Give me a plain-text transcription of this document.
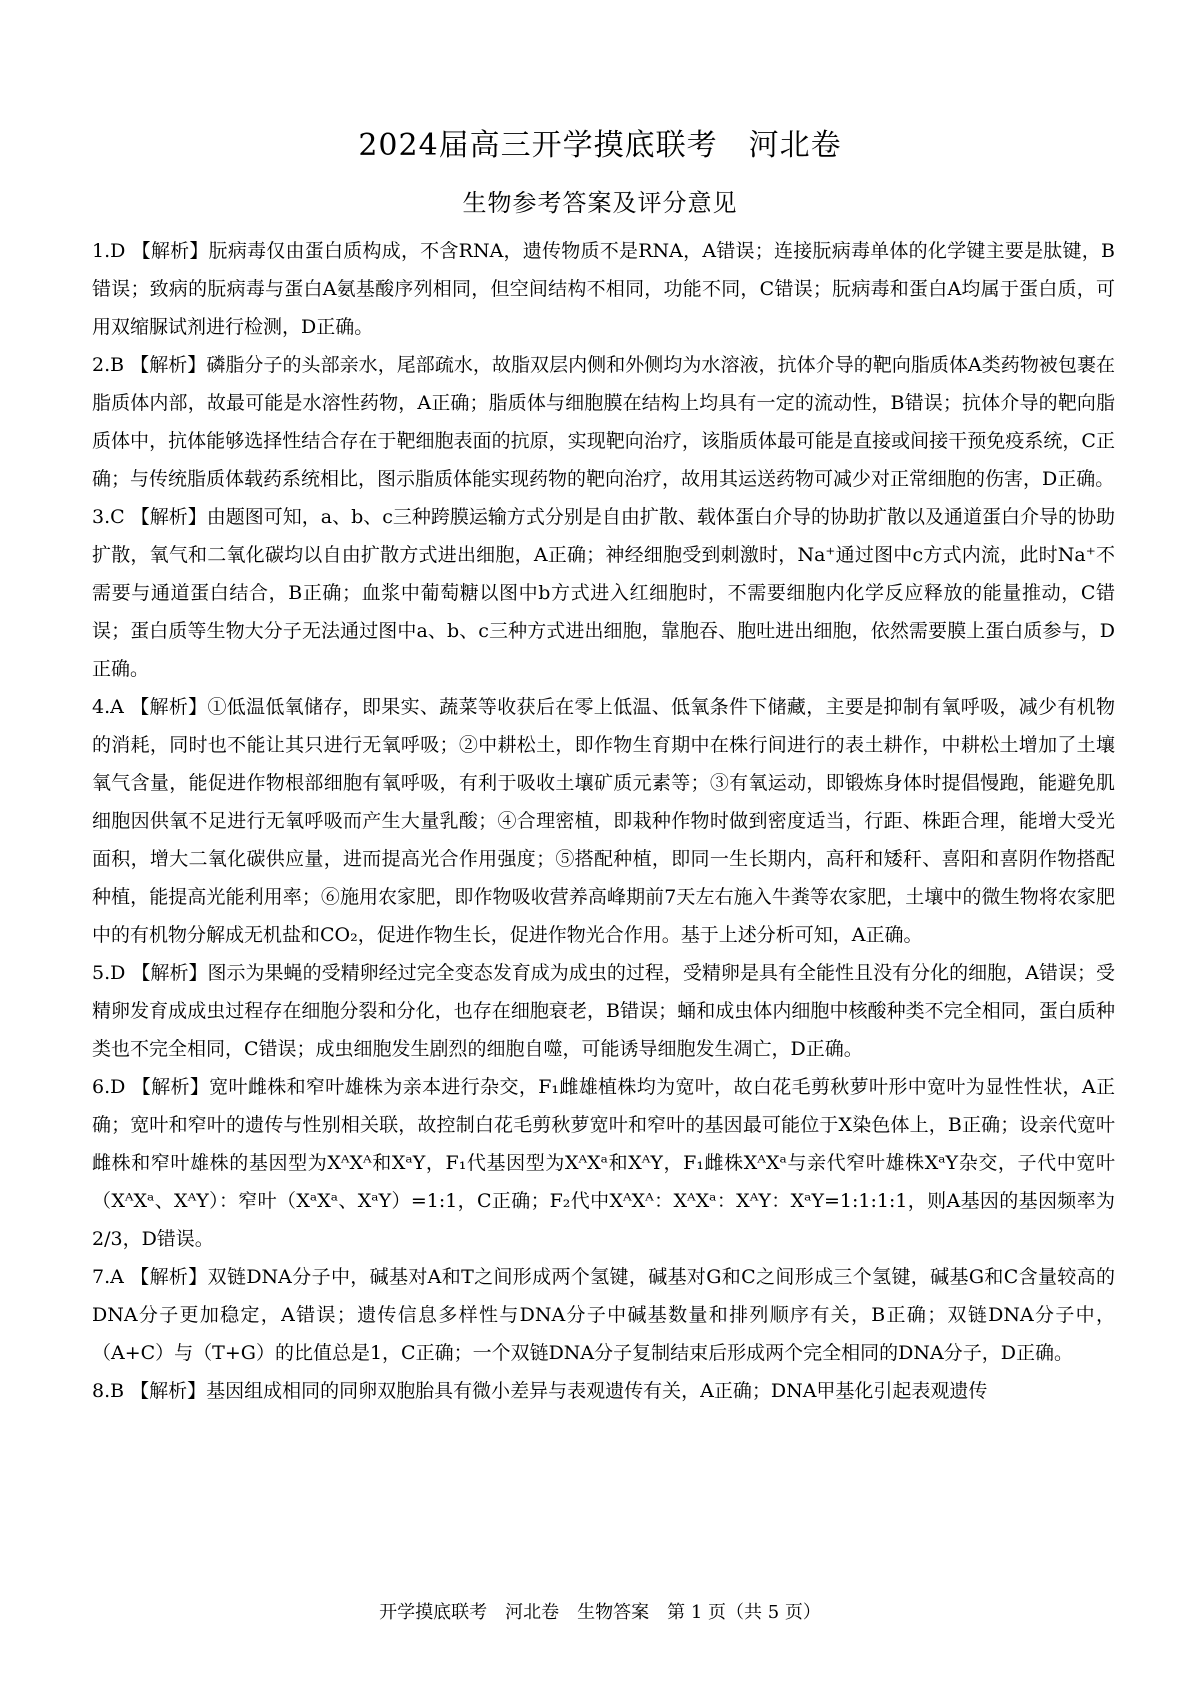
2024届高三开学摸底联考　河北卷
生物参考答案及评分意见

1.D 【解析】朊病毒仅由蛋白质构成，不含RNA，遗传物质不是RNA，A错误；连接朊病毒单体的化学键主要是肽键，B错误；致病的朊病毒与蛋白A氨基酸序列相同，但空间结构不相同，功能不同，C错误；朊病毒和蛋白A均属于蛋白质，可用双缩脲试剂进行检测，D正确。

2.B 【解析】磷脂分子的头部亲水，尾部疏水，故脂双层内侧和外侧均为水溶液，抗体介导的靶向脂质体A类药物被包裹在脂质体内部，故最可能是水溶性药物，A正确；脂质体与细胞膜在结构上均具有一定的流动性，B错误；抗体介导的靶向脂质体中，抗体能够选择性结合存在于靶细胞表面的抗原，实现靶向治疗，该脂质体最可能是直接或间接干预免疫系统，C正确；与传统脂质体载药系统相比，图示脂质体能实现药物的靶向治疗，故用其运送药物可减少对正常细胞的伤害，D正确。

3.C 【解析】由题图可知，a、b、c三种跨膜运输方式分别是自由扩散、载体蛋白介导的协助扩散以及通道蛋白介导的协助扩散，氧气和二氧化碳均以自由扩散方式进出细胞，A正确；神经细胞受到刺激时，Na⁺通过图中c方式内流，此时Na⁺不需要与通道蛋白结合，B正确；血浆中葡萄糖以图中b方式进入红细胞时，不需要细胞内化学反应释放的能量推动，C错误；蛋白质等生物大分子无法通过图中a、b、c三种方式进出细胞，靠胞吞、胞吐进出细胞，依然需要膜上蛋白质参与，D正确。

4.A 【解析】①低温低氧储存，即果实、蔬菜等收获后在零上低温、低氧条件下储藏，主要是抑制有氧呼吸，减少有机物的消耗，同时也不能让其只进行无氧呼吸；②中耕松土，即作物生育期中在株行间进行的表土耕作，中耕松土增加了土壤氧气含量，能促进作物根部细胞有氧呼吸，有利于吸收土壤矿质元素等；③有氧运动，即锻炼身体时提倡慢跑，能避免肌细胞因供氧不足进行无氧呼吸而产生大量乳酸；④合理密植，即栽种作物时做到密度适当，行距、株距合理，能增大受光面积，增大二氧化碳供应量，进而提高光合作用强度；⑤搭配种植，即同一生长期内，高秆和矮秆、喜阳和喜阴作物搭配种植，能提高光能利用率；⑥施用农家肥，即作物吸收营养高峰期前7天左右施入牛粪等农家肥，土壤中的微生物将农家肥中的有机物分解成无机盐和CO₂，促进作物生长，促进作物光合作用。基于上述分析可知，A正确。

5.D 【解析】图示为果蝇的受精卵经过完全变态发育成为成虫的过程，受精卵是具有全能性且没有分化的细胞，A错误；受精卵发育成成虫过程存在细胞分裂和分化，也存在细胞衰老，B错误；蛹和成虫体内细胞中核酸种类不完全相同，蛋白质种类也不完全相同，C错误；成虫细胞发生剧烈的细胞自噬，可能诱导细胞发生凋亡，D正确。

6.D 【解析】宽叶雌株和窄叶雄株为亲本进行杂交，F₁雌雄植株均为宽叶，故白花毛剪秋萝叶形中宽叶为显性性状，A正确；宽叶和窄叶的遗传与性别相关联，故控制白花毛剪秋萝宽叶和窄叶的基因最可能位于X染色体上，B正确；设亲代宽叶雌株和窄叶雄株的基因型为XᴬXᴬ和XᵃY，F₁代基因型为XᴬXᵃ和XᴬY，F₁雌株XᴬXᵃ与亲代窄叶雄株XᵃY杂交，子代中宽叶（XᴬXᵃ、XᴬY）：窄叶（XᵃXᵃ、XᵃY）=1:1，C正确；F₂代中XᴬXᴬ：XᴬXᵃ：XᴬY：XᵃY=1:1:1:1，则A基因的基因频率为2/3，D错误。

7.A 【解析】双链DNA分子中，碱基对A和T之间形成两个氢键，碱基对G和C之间形成三个氢键，碱基G和C含量较高的DNA分子更加稳定，A错误；遗传信息多样性与DNA分子中碱基数量和排列顺序有关，B正确；双链DNA分子中，（A+C）与（T+G）的比值总是1，C正确；一个双链DNA分子复制结束后形成两个完全相同的DNA分子，D正确。

8.B 【解析】基因组成相同的同卵双胞胎具有微小差异与表观遗传有关，A正确；DNA甲基化引起表观遗传

开学摸底联考　河北卷　生物答案　第 1 页（共 5 页）
